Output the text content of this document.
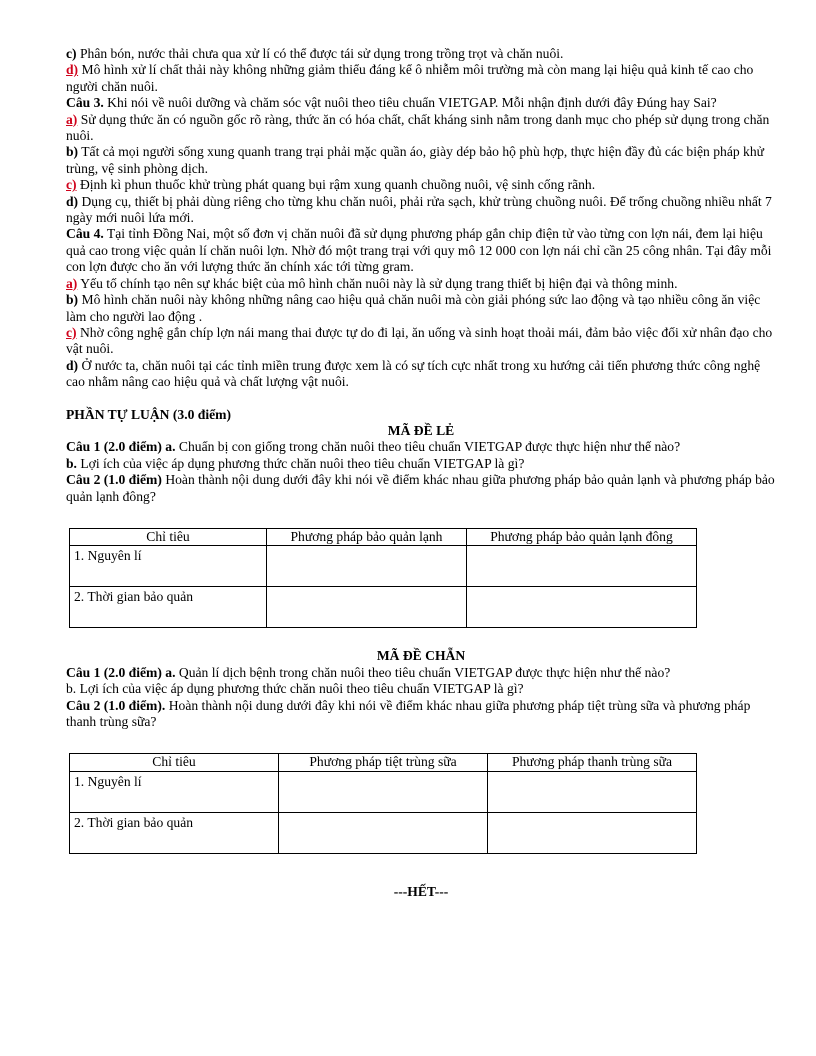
c) Phân bón, nước thải chưa qua xử lí có thể được tái sử dụng trong trồng trọt và chăn nuôi.

d) Mô hình xử lí chất thải này không những giảm thiểu đáng kể ô nhiễm môi trường mà còn mang lại hiệu quả kinh tế cao cho người chăn nuôi.

Câu 3. Khi nói về nuôi dưỡng và chăm sóc vật nuôi theo tiêu chuẩn VIETGAP. Mỗi nhận định dưới đây Đúng hay Sai?

a) Sử dụng thức ăn có nguồn gốc rõ ràng, thức ăn có hóa chất, chất kháng sinh nằm trong danh mục cho phép sử dụng trong chăn nuôi.

b) Tất cả mọi người sống xung quanh trang trại phải mặc quần áo, giày dép bảo hộ phù hợp, thực hiện đầy đủ các biện pháp khử trùng, vệ sinh phòng dịch.

c) Định kì phun thuốc khử trùng phát quang bụi rậm xung quanh chuồng nuôi, vệ sinh cống rãnh.

d) Dụng cụ, thiết bị phải dùng riêng cho từng khu chăn nuôi, phải rửa sạch, khử trùng chuồng nuôi. Để trống chuồng nhiều nhất 7 ngày mới nuôi lứa mới.

Câu 4. Tại tỉnh Đồng Nai, một số đơn vị chăn nuôi đã sử dụng phương pháp gắn chip điện tử vào từng con lợn nái, đem lại hiệu quả cao trong việc quản lí chăn nuôi lợn. Nhờ đó một trang trại với quy mô 12 000 con lợn nái chỉ cần 25 công nhân. Tại đây mỗi con lợn được cho ăn với lượng thức ăn chính xác tới từng gram.

a) Yếu tố chính tạo nên sự khác biệt của mô hình chăn nuôi này là sử dụng trang thiết bị hiện đại và thông minh.

b) Mô hình chăn nuôi này không những nâng cao hiệu quả chăn nuôi mà còn giải phóng sức lao động và tạo nhiều công ăn việc làm cho người lao động .

c) Nhờ công nghệ gắn chíp lợn nái mang thai được tự do đi lại, ăn uống và sinh hoạt thoải mái, đảm bảo việc đối xử nhân đạo cho vật nuôi.

d) Ở nước ta, chăn nuôi tại các tỉnh miền trung được xem là có sự tích cực nhất trong xu hướng cải tiến phương thức công nghệ cao nhằm nâng cao hiệu quả và chất lượng vật nuôi.

PHẦN TỰ LUẬN (3.0 điểm)

MÃ ĐỀ LẺ

Câu 1 (2.0 điểm) a. Chuẩn bị con giống trong chăn nuôi theo tiêu chuẩn VIETGAP được thực hiện như thế nào?

b. Lợi ích của việc áp dụng phương thức chăn nuôi theo tiêu chuẩn VIETGAP là gì?

Câu 2 (1.0 điểm) Hoàn thành nội dung dưới đây khi nói về điểm khác nhau giữa phương pháp bảo quản lạnh và phương pháp bảo quản lạnh đông?

Chỉ tiêu	Phương pháp bảo quản lạnh	Phương pháp bảo quản lạnh đông
1. Nguyên lí		
2. Thời gian bảo quản		

MÃ ĐỀ CHẴN

Câu 1 (2.0 điểm) a. Quản lí dịch bệnh trong chăn nuôi theo tiêu chuẩn VIETGAP được thực hiện như thế nào?

b. Lợi ích của việc áp dụng phương thức chăn nuôi theo tiêu chuẩn VIETGAP là gì?

Câu 2 (1.0 điểm). Hoàn thành nội dung dưới đây khi nói về điểm khác nhau giữa phương pháp tiệt trùng sữa và phương pháp thanh trùng sữa?

Chỉ tiêu	Phương pháp tiệt trùng sữa	Phương pháp thanh trùng sữa
1. Nguyên lí		
2. Thời gian bảo quản		

---HẾT---
